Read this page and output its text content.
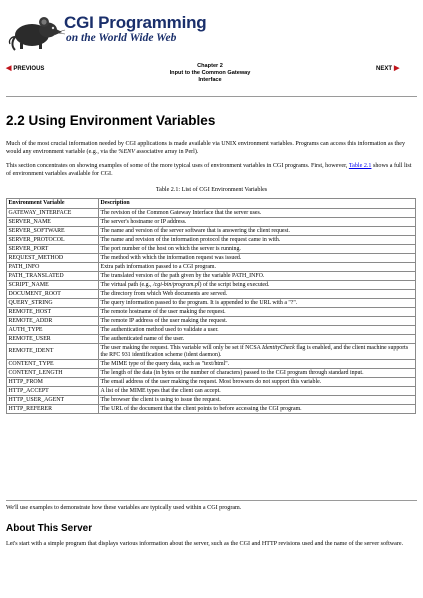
CGI Programming
on the World Wide Web
◀ PREVIOUS	Chapter 2
Input to the Common Gateway
Interface
NEXT ▶
2.2 Using Environment Variables
Much of the most crucial information needed by CGI applications is made available via UNIX environment variables. Programs can access this information as they would any environment variable (e.g., via the %ENV associative array in Perl).
This section concentrates on showing examples of some of the more typical uses of environment variables in CGI programs. First, however, Table 2.1 shows a full list of environment variables available for CGI.
Table 2.1: List of CGI Environment Variables
Environment Variable	Description
GATEWAY_INTERFACE	The revision of the Common Gateway Interface that the server uses.
SERVER_NAME	The server's hostname or IP address.
SERVER_SOFTWARE	The name and version of the server software that is answering the client request.
SERVER_PROTOCOL	The name and revision of the information protocol the request came in with.
SERVER_PORT	The port number of the host on which the server is running.
REQUEST_METHOD	The method with which the information request was issued.
PATH_INFO	Extra path information passed to a CGI program.
PATH_TRANSLATED	The translated version of the path given by the variable PATH_INFO.
SCRIPT_NAME	The virtual path (e.g., /cgi-bin/program.pl) of the script being executed.
DOCUMENT_ROOT	The directory from which Web documents are served.
QUERY_STRING	The query information passed to the program. It is appended to the URL with a "?".
REMOTE_HOST	The remote hostname of the user making the request.
REMOTE_ADDR	The remote IP address of the user making the request.
AUTH_TYPE	The authentication method used to validate a user.
REMOTE_USER	The authenticated name of the user.
REMOTE_IDENT	The user making the request. This variable will only be set if NCSA IdentityCheck flag is enabled, and the client machine supports the RFC 931 identification scheme (ident daemon).
CONTENT_TYPE	The MIME type of the query data, such as "text/html".
CONTENT_LENGTH	The length of the data (in bytes or the number of characters) passed to the CGI program through standard input.
HTTP_FROM	The email address of the user making the request. Most browsers do not support this variable.
HTTP_ACCEPT	A list of the MIME types that the client can accept.
HTTP_USER_AGENT	The browser the client is using to issue the request.
HTTP_REFERER	The URL of the document that the client points to before accessing the CGI program.
We'll use examples to demonstrate how these variables are typically used within a CGI program.
About This Server
Let's start with a simple program that displays various information about the server, such as the CGI and HTTP revisions used and the name of the server software.
